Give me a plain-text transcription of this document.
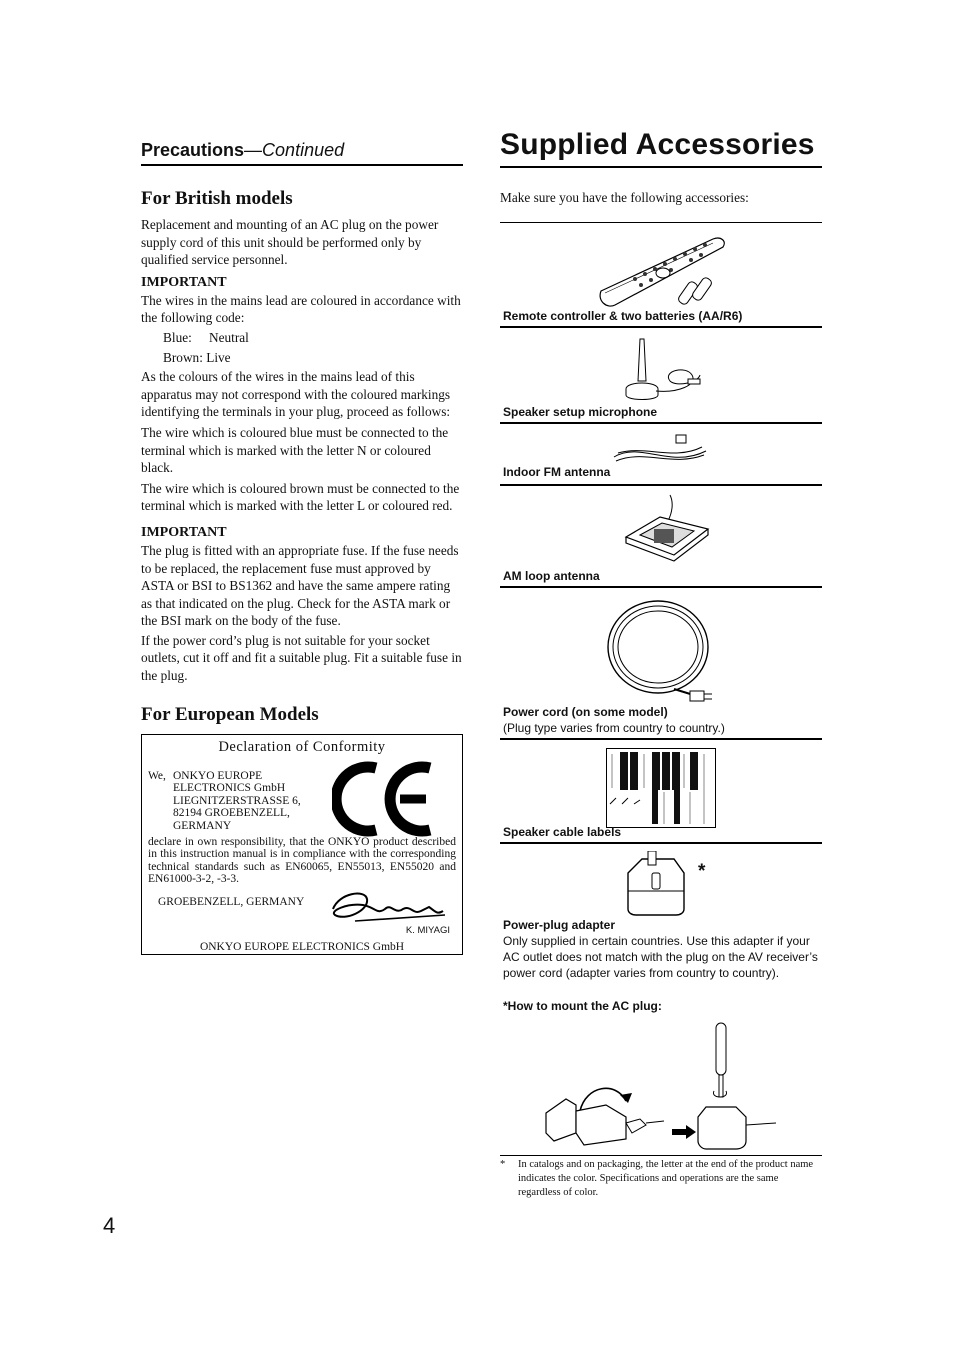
Precautions—Continued
For British models

Replacement and mounting of an AC plug on the power supply cord of this unit should be performed only by qualified service personnel.

IMPORTANT

The wires in the mains lead are coloured in accordance with the following code:

Blue: Neutral

Brown: Live

As the colours of the wires in the mains lead of this apparatus may not correspond with the coloured markings identifying the terminals in your plug, proceed as follows:

The wire which is coloured blue must be connected to the terminal which is marked with the letter N or coloured black.

The wire which is coloured brown must be connected to the terminal which is marked with the letter L or coloured red.

IMPORTANT

The plug is fitted with an appropriate fuse. If the fuse needs to be replaced, the replacement fuse must approved by ASTA or BSI to BS1362 and have the same ampere rating as that indicated on the plug. Check for the ASTA mark or the BSI mark on the body of the fuse.

If the power cord’s plug is not suitable for your socket outlets, cut it off and fit a suitable plug. Fit a suitable fuse in the plug.

For European Models
Declaration of Conformity
We, ONKYO EUROPE
ELECTRONICS GmbH
LIEGNITZERSTRASSE 6,
82194 GROEBENZELL,
GERMANY
declare in own responsibility, that the ONKYO product described in this instruction manual is in compliance with the corresponding technical standards such as EN60065, EN55013, EN55020 and EN61000-3-2, -3-3.
GROEBENZELL, GERMANY
K. MIYAGI
ONKYO EUROPE ELECTRONICS GmbH
Supplied Accessories

Make sure you have the following accessories:

Remote controller & two batteries (AA/R6)
Speaker setup microphone
Indoor FM antenna
AM loop antenna
Power cord (on some model)
(Plug type varies from country to country.)
Speaker cable labels
*
Power-plug adapter
Only supplied in certain countries. Use this adapter if your AC outlet does not match with the plug on the AV receiver’s power cord (adapter varies from country to country).
*How to mount the AC plug:
* In catalogs and on packaging, the letter at the end of the product name indicates the color. Specifications and operations are the same regardless of color.
4
